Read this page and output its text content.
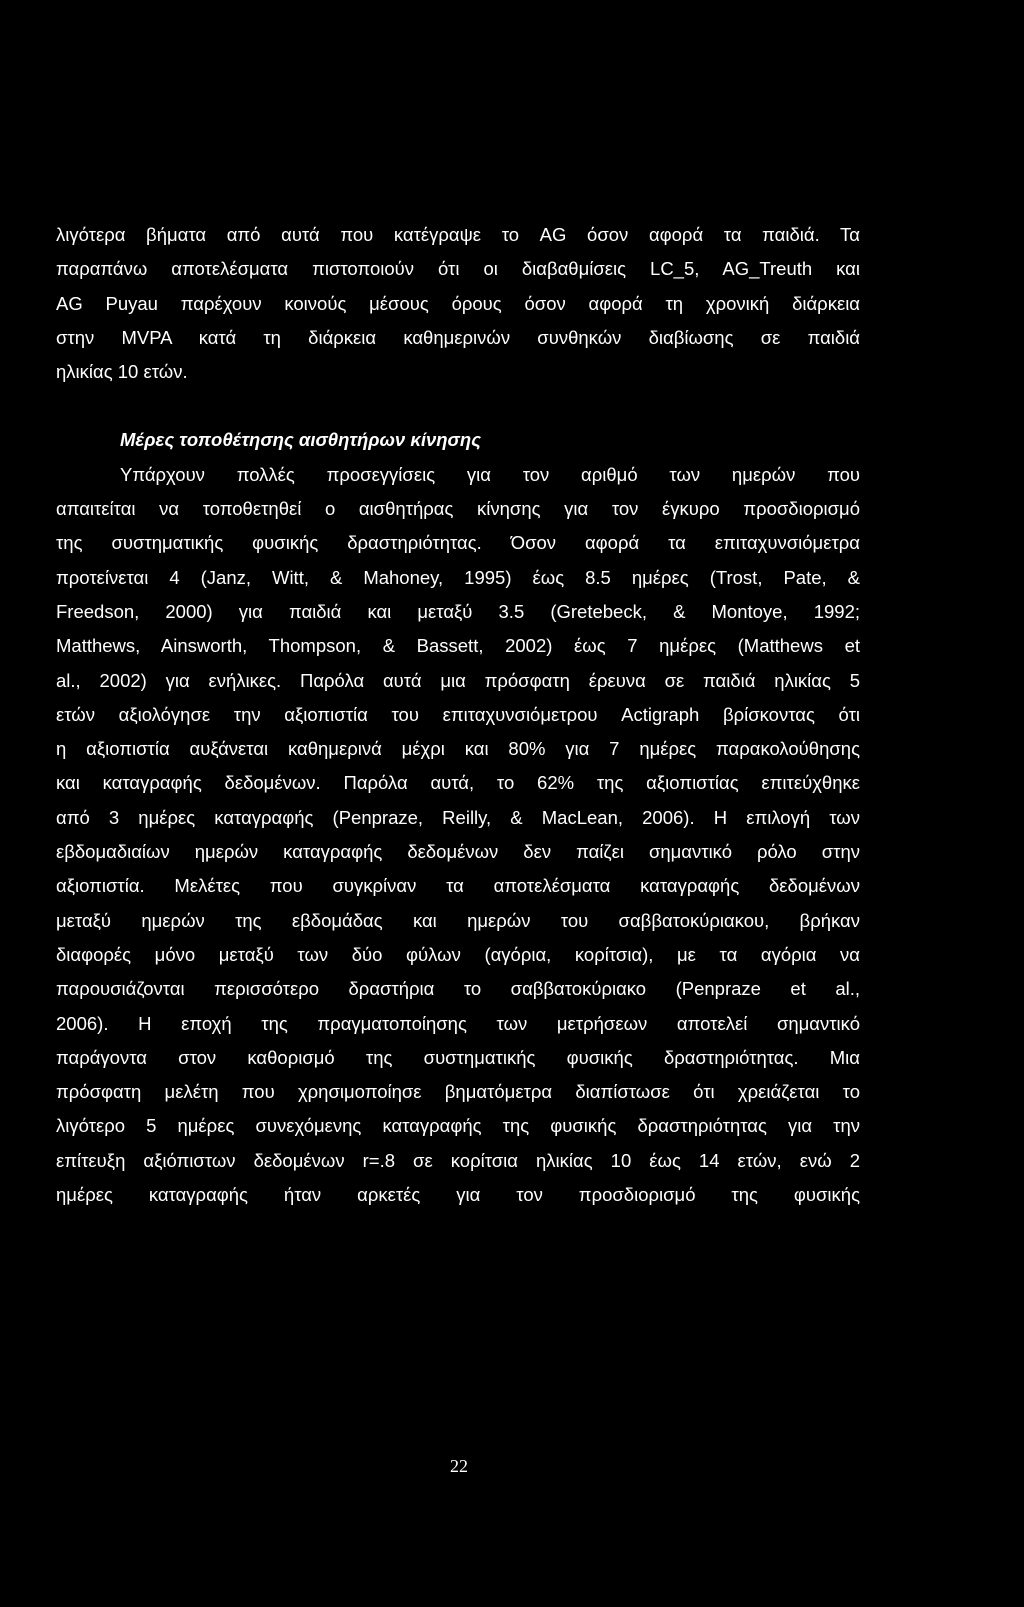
λιγότερα βήματα από αυτά που κατέγραψε το AG όσον αφορά τα παιδιά. Τα
παραπάνω αποτελέσματα πιστοποιούν ότι οι διαβαθμίσεις LC_5, AG_Treuth και
AG Puyau παρέχουν κοινούς μέσους όρους όσον αφορά τη χρονική διάρκεια
στην MVPA κατά τη διάρκεια καθημερινών συνθηκών διαβίωσης σε παιδιά
ηλικίας 10 ετών.
Μέρες τοποθέτησης αισθητήρων κίνησης
Υπάρχουν πολλές προσεγγίσεις για τον αριθμό των ημερών που
απαιτείται να τοποθετηθεί ο αισθητήρας κίνησης για τον έγκυρο προσδιορισμό
της συστηματικής φυσικής δραστηριότητας. Όσον αφορά τα επιταχυνσιόμετρα
προτείνεται 4 (Janz, Witt, & Mahoney, 1995) έως 8.5 ημέρες (Trost, Pate, &
Freedson, 2000) για παιδιά και μεταξύ 3.5 (Gretebeck, & Montoye, 1992;
Matthews, Ainsworth, Thompson, & Bassett, 2002) έως 7 ημέρες (Matthews et
al., 2002) για ενήλικες. Παρόλα αυτά μια πρόσφατη έρευνα σε παιδιά ηλικίας 5
ετών αξιολόγησε την αξιοπιστία του επιταχυνσιόμετρου Actigraph βρίσκοντας ότι
η αξιοπιστία αυξάνεται καθημερινά μέχρι και 80% για 7 ημέρες παρακολούθησης
και καταγραφής δεδομένων. Παρόλα αυτά, το 62% της αξιοπιστίας επιτεύχθηκε
από 3 ημέρες καταγραφής (Penpraze, Reilly, & MacLean, 2006). Η επιλογή των
εβδομαδιαίων ημερών καταγραφής δεδομένων δεν παίζει σημαντικό ρόλο στην
αξιοπιστία. Μελέτες που συγκρίναν τα αποτελέσματα καταγραφής δεδομένων
μεταξύ ημερών της εβδομάδας και ημερών του σαββατοκύριακου, βρήκαν
διαφορές μόνο μεταξύ των δύο φύλων (αγόρια, κορίτσια), με τα αγόρια να
παρουσιάζονται περισσότερο δραστήρια το σαββατοκύριακο (Penpraze et al.,
2006). Η εποχή της πραγματοποίησης των μετρήσεων αποτελεί σημαντικό
παράγοντα στον καθορισμό της συστηματικής φυσικής δραστηριότητας. Μια
πρόσφατη μελέτη που χρησιμοποίησε βηματόμετρα διαπίστωσε ότι χρειάζεται το
λιγότερο 5 ημέρες συνεχόμενης καταγραφής της φυσικής δραστηριότητας για την
επίτευξη αξιόπιστων δεδομένων r=.8 σε κορίτσια ηλικίας 10 έως 14 ετών, ενώ 2
ημέρες καταγραφής ήταν αρκετές για τον προσδιορισμό της φυσικής
22
